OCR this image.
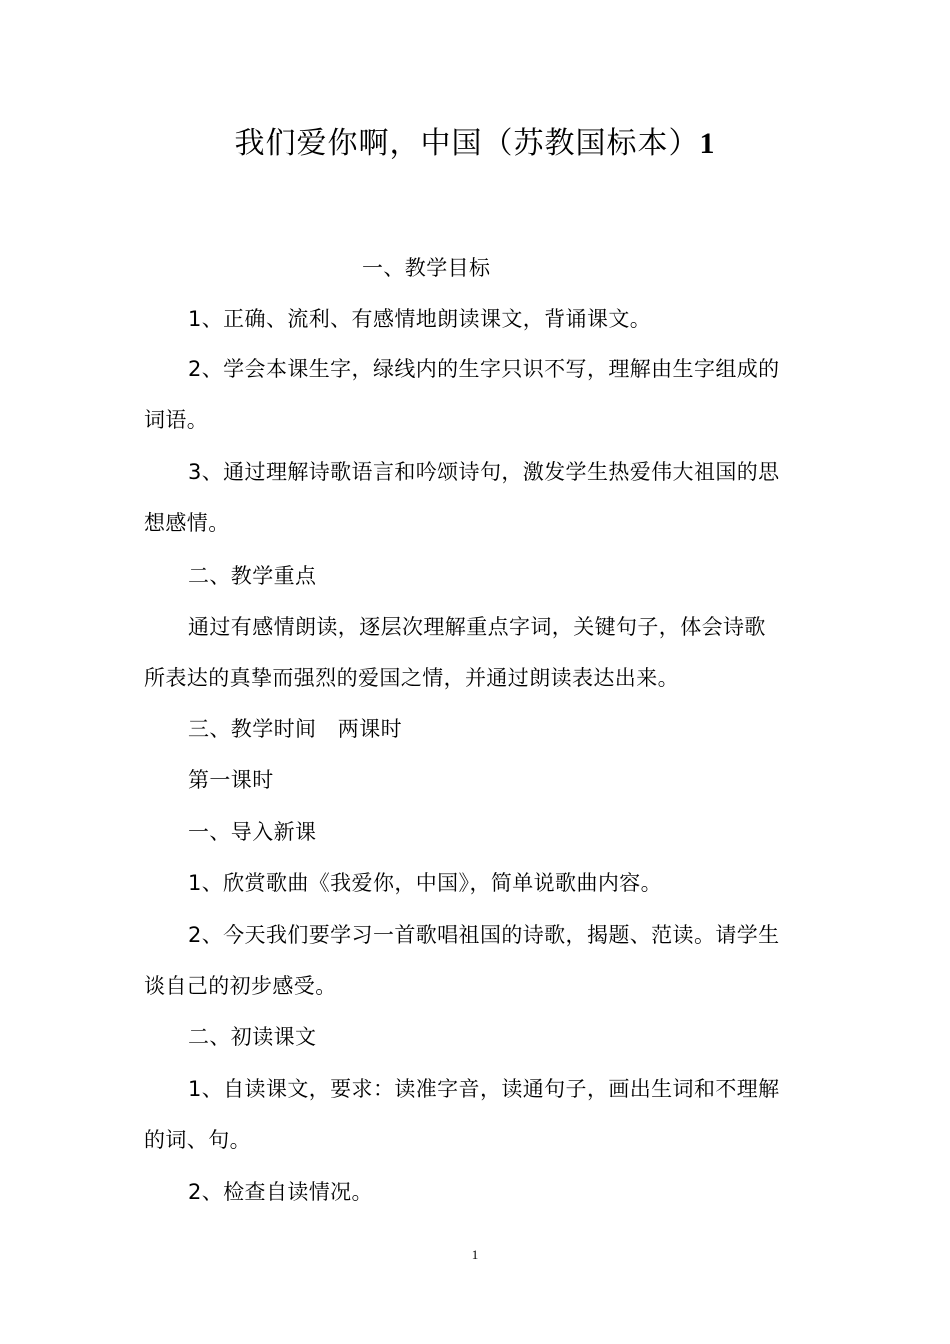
我们爱你啊，中国（苏教国标本）1
一、教学目标
1、正确、流利、有感情地朗读课文，背诵课文。
2、学会本课生字，绿线内的生字只识不写，理解由生字组成的
词语。
3、通过理解诗歌语言和吟颂诗句，激发学生热爱伟大祖国的思
想感情。
二、教学重点
通过有感情朗读，逐层次理解重点字词，关键句子，体会诗歌
所表达的真挚而强烈的爱国之情，并通过朗读表达出来。
三、教学时间　两课时
第一课时
一、导入新课
1、欣赏歌曲《我爱你，中国》，简单说歌曲内容。
2、今天我们要学习一首歌唱祖国的诗歌，揭题、范读。请学生
谈自己的初步感受。
二、初读课文
1、自读课文，要求：读准字音，读通句子，画出生词和不理解
的词、句。
2、检查自读情况。
1
